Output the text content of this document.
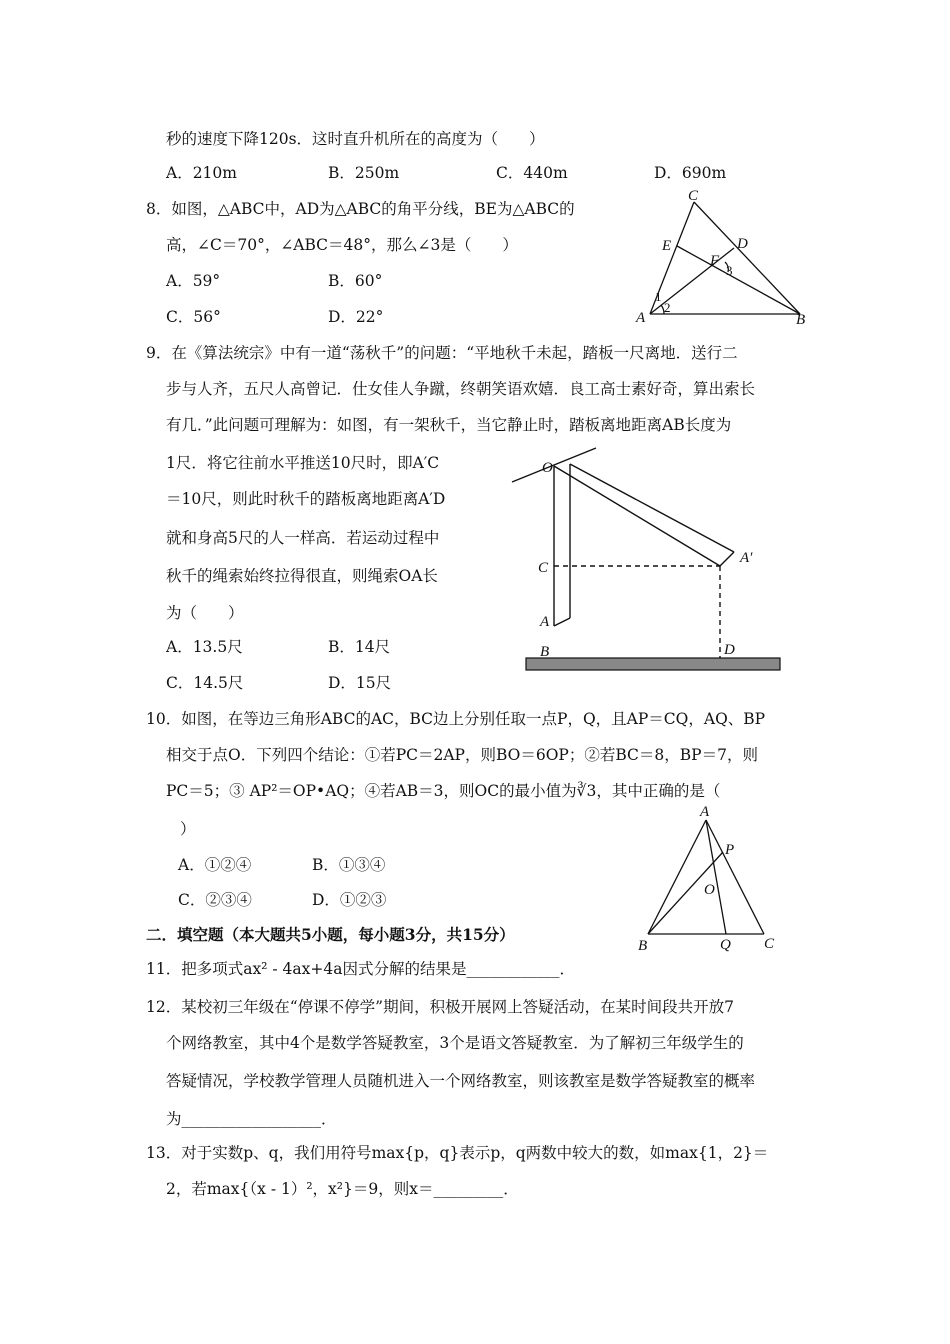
秒的速度下降120s．这时直升机所在的高度为（　　）
A．210m	B．250m	C．440m	D．690m
8．如图，△ABC中，AD为△ABC的角平分线，BE为△ABC的
高，∠C＝70°，∠ABC＝48°，那么∠3是（　　）
A．59°	B．60°
C．56°	D．22°
C
E	D
F
3
1
2
A	B
9．在《算法统宗》中有一道“荡秋千”的问题：“平地秋千未起，踏板一尺离地．送行二
步与人齐，五尺人高曾记．仕女佳人争蹴，终朝笑语欢嬉．良工高士素好奇，算出索长
有几．”此问题可理解为：如图，有一架秋千，当它静止时，踏板离地距离AB长度为
1尺．将它往前水平推送10尺时，即A′C
＝10尺，则此时秋千的踏板离地距离A′D
就和身高5尺的人一样高．若运动过程中
秋千的绳索始终拉得很直，则绳索OA长
为（　　）
A．13.5尺	B．14尺
C．14.5尺	D．15尺
O
C
A′
A
B	D
10．如图，在等边三角形ABC的AC，BC边上分别任取一点P，Q，且AP＝CQ，AQ、BP
相交于点O．下列四个结论：①若PC＝2AP，则BO＝6OP；②若BC＝8，BP＝7，则
PC＝5；③ AP²＝OP•AQ；④若AB＝3，则OC的最小值为∛3，其中正确的是（
）
A．①②④	B．①③④
C．②③④	D．①②③
A
P
O
B	Q C
二．填空题（本大题共5小题，每小题3分，共15分）
11．把多项式ax² - 4ax+4a因式分解的结果是____________．
12．某校初三年级在“停课不停学”期间，积极开展网上答疑活动，在某时间段共开放7
个网络教室，其中4个是数学答疑教室，3个是语文答疑教室．为了解初三年级学生的
答疑情况，学校教学管理人员随机进入一个网络教室，则该教室是数学答疑教室的概率
为__________________．
13．对于实数p、q，我们用符号max{p，q}表示p，q两数中较大的数，如max{1，2}＝
2，若max{（x - 1）²，x²}＝9，则x＝_________．
